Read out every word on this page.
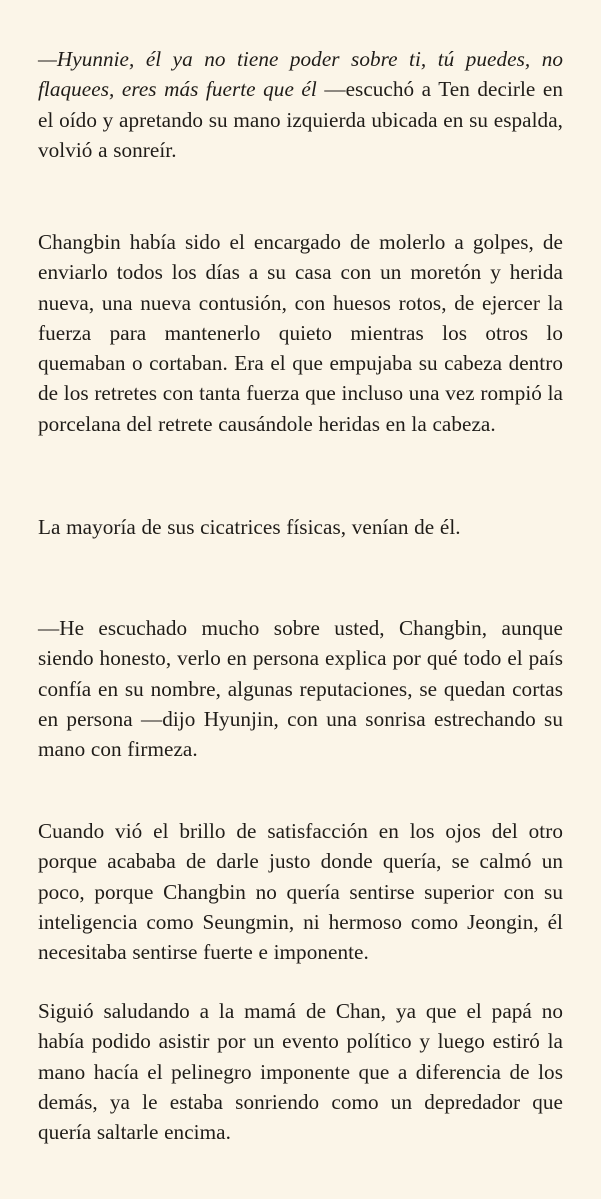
—Hyunnie, él ya no tiene poder sobre ti, tú puedes, no flaquees, eres más fuerte que él —escuchó a Ten decirle en el oído y apretando su mano izquierda ubicada en su espalda, volvió a sonreír.

Changbin había sido el encargado de molerlo a golpes, de enviarlo todos los días a su casa con un moretón y herida nueva, una nueva contusión, con huesos rotos, de ejercer la fuerza para mantenerlo quieto mientras los otros lo quemaban o cortaban. Era el que empujaba su cabeza dentro de los retretes con tanta fuerza que incluso una vez rompió la porcelana del retrete causándole heridas en la cabeza.

La mayoría de sus cicatrices físicas, venían de él.

—He escuchado mucho sobre usted, Changbin, aunque siendo honesto, verlo en persona explica por qué todo el país confía en su nombre, algunas reputaciones, se quedan cortas en persona —dijo Hyunjin, con una sonrisa estrechando su mano con firmeza.

Cuando vió el brillo de satisfacción en los ojos del otro porque acababa de darle justo donde quería, se calmó un poco, porque Changbin no quería sentirse superior con su inteligencia como Seungmin, ni hermoso como Jeongin, él necesitaba sentirse fuerte e imponente.

Siguió saludando a la mamá de Chan, ya que el papá no había podido asistir por un evento político y luego estiró la mano hacía el pelinegro imponente que a diferencia de los demás, ya le estaba sonriendo como un depredador que quería saltarle encima.
